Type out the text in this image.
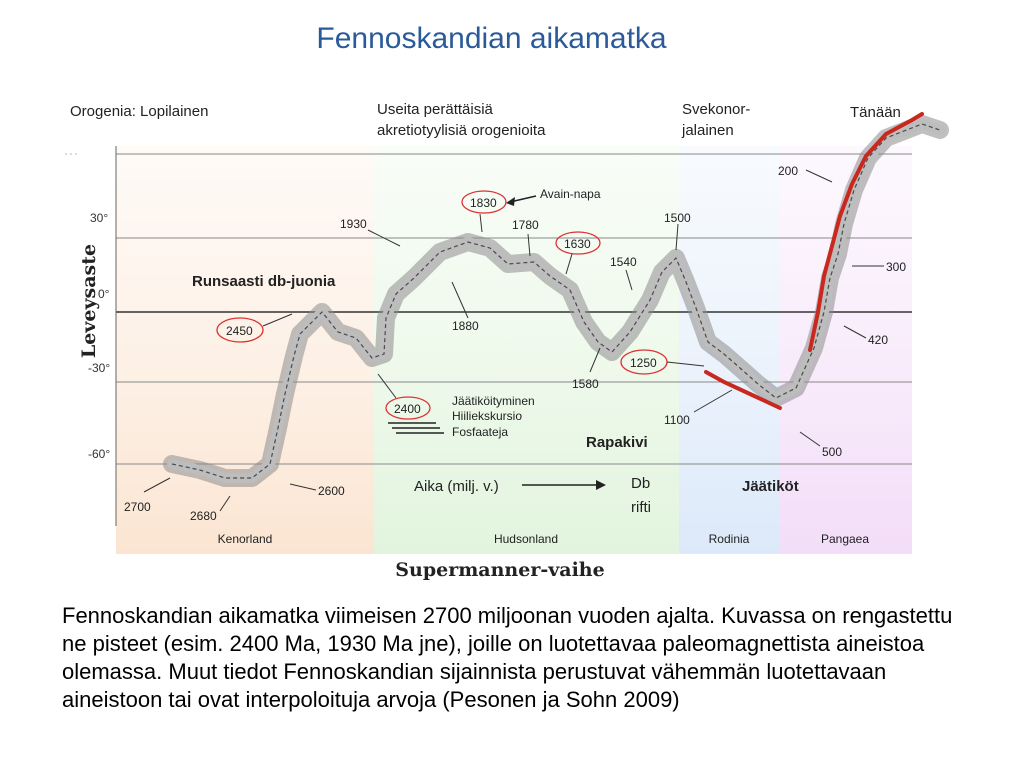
Fennoskandian aikamatka
Orogenia: Lopilainen	Useita perättäisiä
akretiotyylisiä orogenioita
Svekonor-
jalainen
Tänään
Leveysaste
30°
0°
-30°
-60°
2700
2680
2600
2450
2400
Jäätiköityminen
Hiiliekskursio
Fosfaateja
1930
1880
1830
Avain-napa
1780
1630
1580
1540
1500
1250
1100
500
420
300
200
Runsaasti db-juonia
Rapakivi
Jäätiköt
Aika (milj. v.)	Db
rifti
Kenorland	Hudsonland	Rodinia	Pangaea
Supermanner-vaihe
Fennoskandian aikamatka viimeisen 2700 miljoonan vuoden ajalta. Kuvassa on rengastettu ne pisteet (esim. 2400 Ma, 1930 Ma jne), joille on luotettavaa paleomagnettista aineistoa olemassa. Muut tiedot Fennoskandian sijainnista perustuvat vähemmän luotettavaan aineistoon tai ovat interpoloituja arvoja (Pesonen ja Sohn 2009)
